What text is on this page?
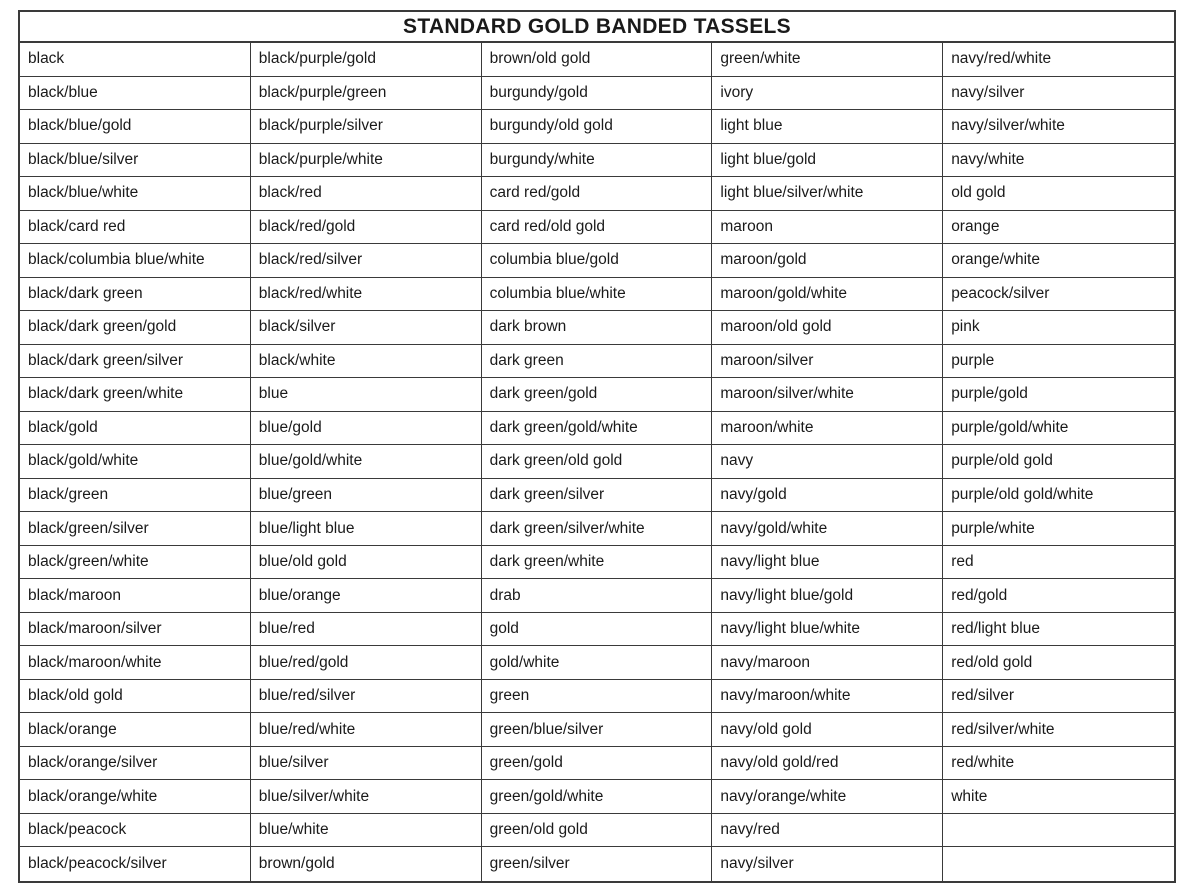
STANDARD GOLD BANDED TASSELS
black	black/purple/gold	brown/old gold	green/white	navy/red/white
black/blue	black/purple/green	burgundy/gold	ivory	navy/silver
black/blue/gold	black/purple/silver	burgundy/old gold	light blue	navy/silver/white
black/blue/silver	black/purple/white	burgundy/white	light blue/gold	navy/white
black/blue/white	black/red	card red/gold	light blue/silver/white	old gold
black/card red	black/red/gold	card red/old gold	maroon	orange
black/columbia blue/white	black/red/silver	columbia blue/gold	maroon/gold	orange/white
black/dark green	black/red/white	columbia blue/white	maroon/gold/white	peacock/silver
black/dark green/gold	black/silver	dark brown	maroon/old gold	pink
black/dark green/silver	black/white	dark green	maroon/silver	purple
black/dark green/white	blue	dark green/gold	maroon/silver/white	purple/gold
black/gold	blue/gold	dark green/gold/white	maroon/white	purple/gold/white
black/gold/white	blue/gold/white	dark green/old gold	navy	purple/old gold
black/green	blue/green	dark green/silver	navy/gold	purple/old gold/white
black/green/silver	blue/light blue	dark green/silver/white	navy/gold/white	purple/white
black/green/white	blue/old gold	dark green/white	navy/light blue	red
black/maroon	blue/orange	drab	navy/light blue/gold	red/gold
black/maroon/silver	blue/red	gold	navy/light blue/white	red/light blue
black/maroon/white	blue/red/gold	gold/white	navy/maroon	red/old gold
black/old gold	blue/red/silver	green	navy/maroon/white	red/silver
black/orange	blue/red/white	green/blue/silver	navy/old gold	red/silver/white
black/orange/silver	blue/silver	green/gold	navy/old gold/red	red/white
black/orange/white	blue/silver/white	green/gold/white	navy/orange/white	white
black/peacock	blue/white	green/old gold	navy/red
black/peacock/silver	brown/gold	green/silver	navy/silver
